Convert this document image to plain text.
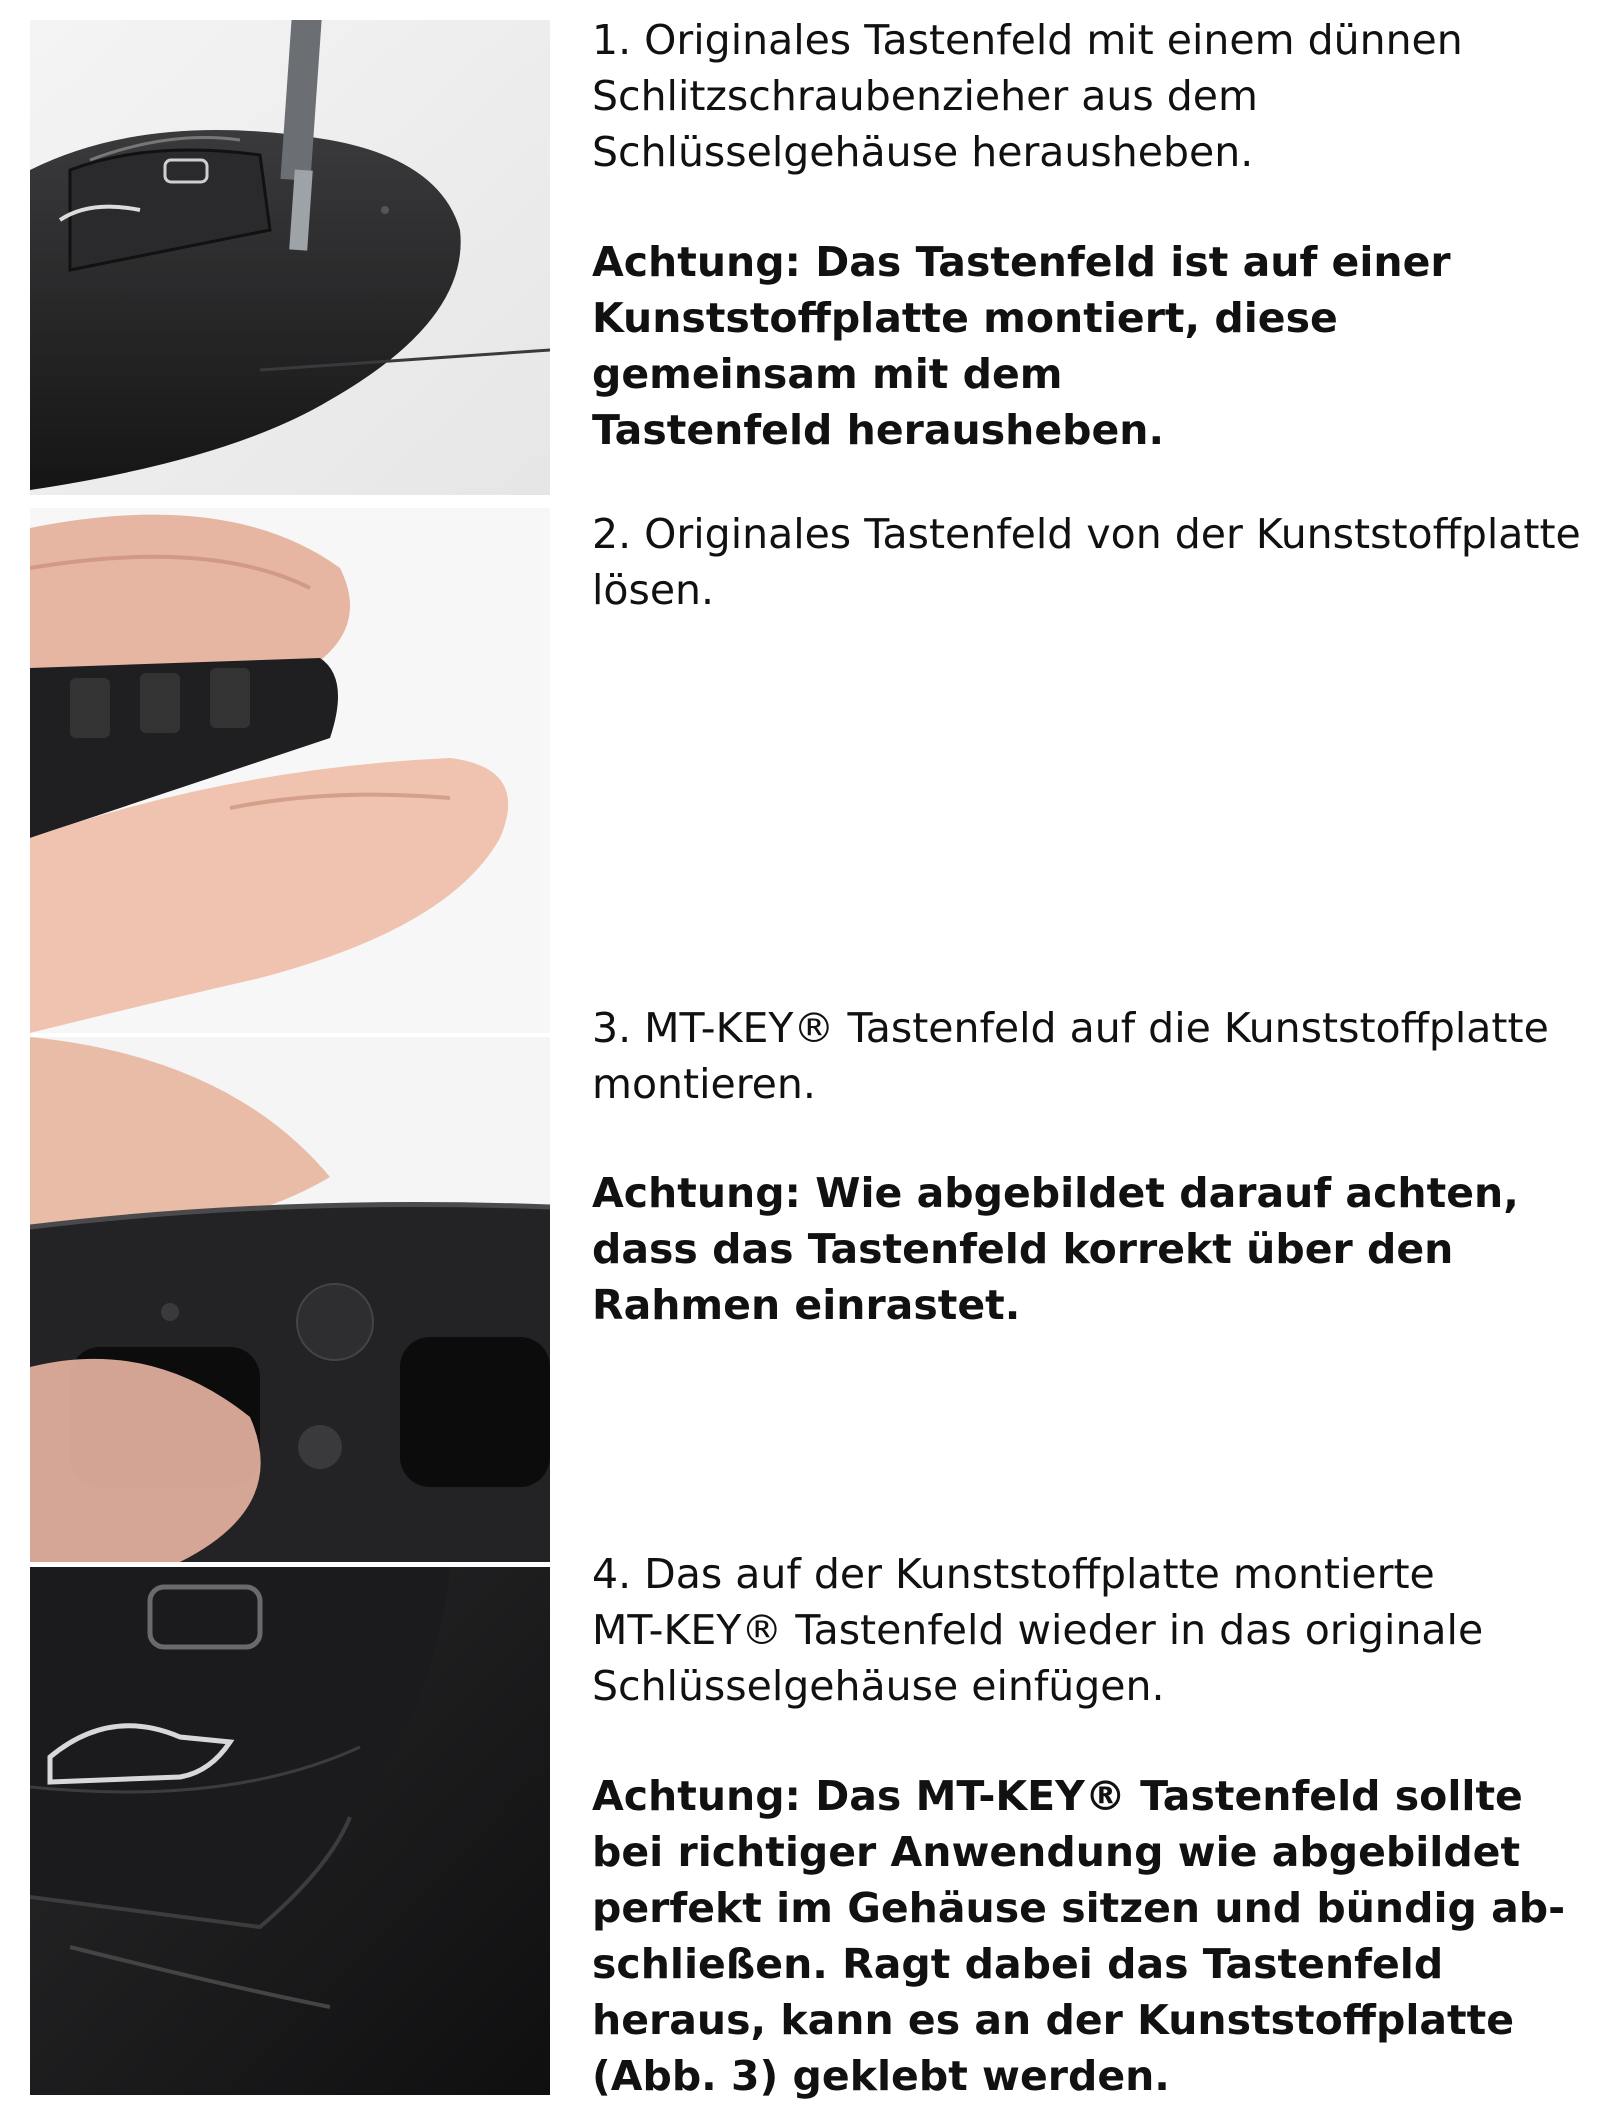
1. Originales Tastenfeld mit einem dünnen
Schlitzschraubenzieher aus dem
Schlüsselgehäuse herausheben.

Achtung: Das Tastenfeld ist auf einer
Kunststoffplatte montiert, diese
gemeinsam mit dem
Tastenfeld herausheben.

2. Originales Tastenfeld von der Kunststoffplatte
lösen.

3. MT-KEY® Tastenfeld auf die Kunststoffplatte
montieren.

Achtung: Wie abgebildet darauf achten,
dass das Tastenfeld korrekt über den
Rahmen einrastet.

4. Das auf der Kunststoffplatte montierte
MT-KEY® Tastenfeld wieder in das originale
Schlüsselgehäuse einfügen.

Achtung: Das MT-KEY® Tastenfeld sollte
bei richtiger Anwendung wie abgebildet
perfekt im Gehäuse sitzen und bündig ab-
schließen. Ragt dabei das Tastenfeld
heraus, kann es an der Kunststoffplatte
(Abb. 3) geklebt werden.
